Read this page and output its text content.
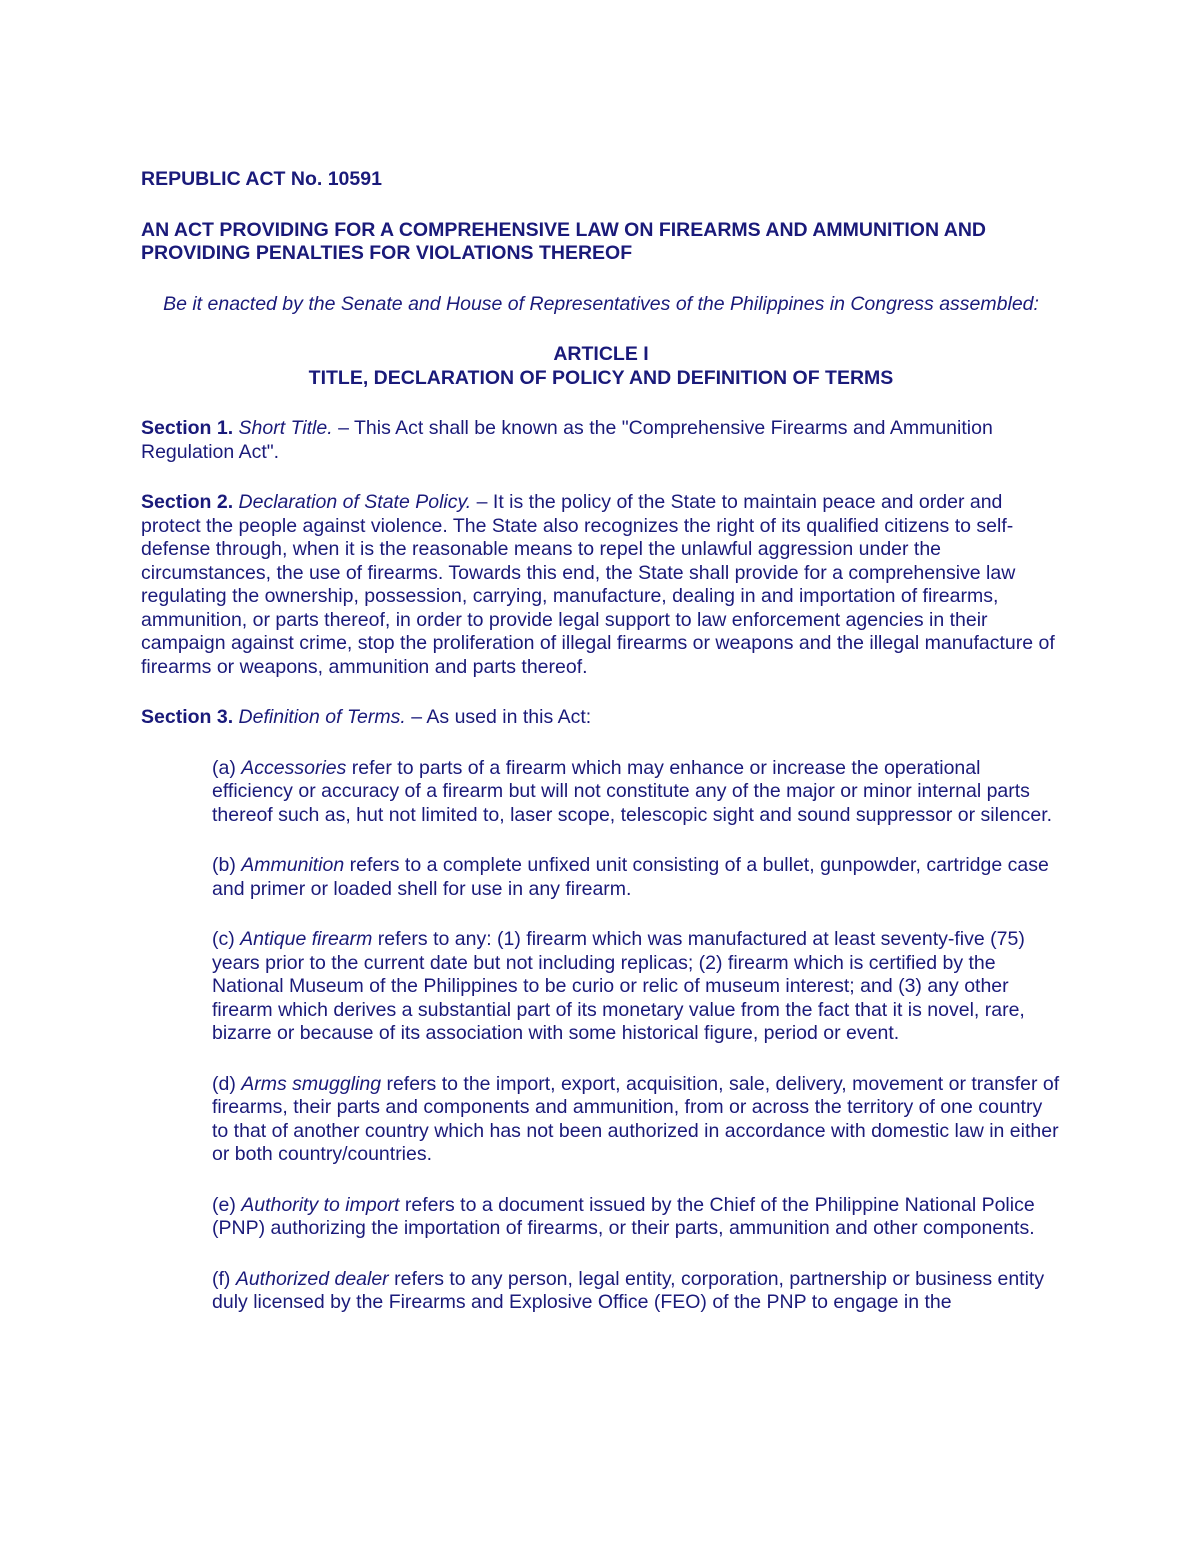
REPUBLIC ACT No. 10591
AN ACT PROVIDING FOR A COMPREHENSIVE LAW ON FIREARMS AND AMMUNITION AND PROVIDING PENALTIES FOR VIOLATIONS THEREOF
Be it enacted by the Senate and House of Representatives of the Philippines in Congress assembled:
ARTICLE I
TITLE, DECLARATION OF POLICY AND DEFINITION OF TERMS
Section 1. Short Title. – This Act shall be known as the "Comprehensive Firearms and Ammunition Regulation Act".
Section 2. Declaration of State Policy. – It is the policy of the State to maintain peace and order and protect the people against violence. The State also recognizes the right of its qualified citizens to self-defense through, when it is the reasonable means to repel the unlawful aggression under the circumstances, the use of firearms. Towards this end, the State shall provide for a comprehensive law regulating the ownership, possession, carrying, manufacture, dealing in and importation of firearms, ammunition, or parts thereof, in order to provide legal support to law enforcement agencies in their campaign against crime, stop the proliferation of illegal firearms or weapons and the illegal manufacture of firearms or weapons, ammunition and parts thereof.
Section 3. Definition of Terms. – As used in this Act:
(a) Accessories refer to parts of a firearm which may enhance or increase the operational efficiency or accuracy of a firearm but will not constitute any of the major or minor internal parts thereof such as, hut not limited to, laser scope, telescopic sight and sound suppressor or silencer.
(b) Ammunition refers to a complete unfixed unit consisting of a bullet, gunpowder, cartridge case and primer or loaded shell for use in any firearm.
(c) Antique firearm refers to any: (1) firearm which was manufactured at least seventy-five (75) years prior to the current date but not including replicas; (2) firearm which is certified by the National Museum of the Philippines to be curio or relic of museum interest; and (3) any other firearm which derives a substantial part of its monetary value from the fact that it is novel, rare, bizarre or because of its association with some historical figure, period or event.
(d) Arms smuggling refers to the import, export, acquisition, sale, delivery, movement or transfer of firearms, their parts and components and ammunition, from or across the territory of one country to that of another country which has not been authorized in accordance with domestic law in either or both country/countries.
(e) Authority to import refers to a document issued by the Chief of the Philippine National Police (PNP) authorizing the importation of firearms, or their parts, ammunition and other components.
(f) Authorized dealer refers to any person, legal entity, corporation, partnership or business entity duly licensed by the Firearms and Explosive Office (FEO) of the PNP to engage in the
